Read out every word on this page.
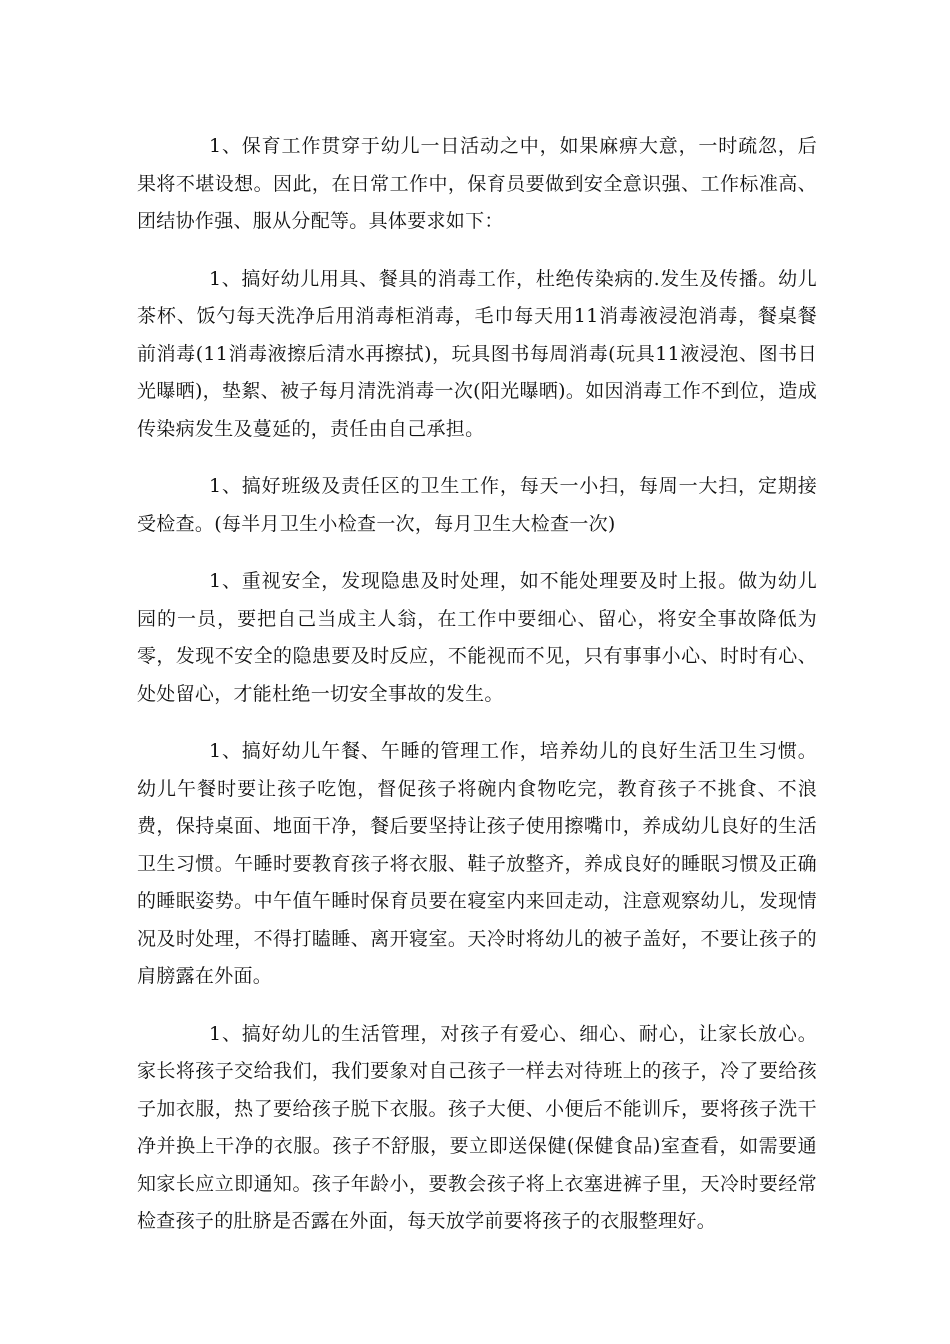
1、保育工作贯穿于幼儿一日活动之中，如果麻痹大意，一时疏忽，后果将不堪设想。因此，在日常工作中，保育员要做到安全意识强、工作标准高、团结协作强、服从分配等。具体要求如下：

1、搞好幼儿用具、餐具的消毒工作，杜绝传染病的.发生及传播。幼儿茶杯、饭勺每天洗净后用消毒柜消毒，毛巾每天用11消毒液浸泡消毒，餐桌餐前消毒(11消毒液擦后清水再擦拭)，玩具图书每周消毒(玩具11液浸泡、图书日光曝晒)，垫絮、被子每月清洗消毒一次(阳光曝晒)。如因消毒工作不到位，造成传染病发生及蔓延的，责任由自己承担。

1、搞好班级及责任区的卫生工作，每天一小扫，每周一大扫，定期接受检查。(每半月卫生小检查一次，每月卫生大检查一次)

1、重视安全，发现隐患及时处理，如不能处理要及时上报。做为幼儿园的一员，要把自己当成主人翁，在工作中要细心、留心，将安全事故降低为零，发现不安全的隐患要及时反应，不能视而不见，只有事事小心、时时有心、处处留心，才能杜绝一切安全事故的发生。

1、搞好幼儿午餐、午睡的管理工作，培养幼儿的良好生活卫生习惯。幼儿午餐时要让孩子吃饱，督促孩子将碗内食物吃完，教育孩子不挑食、不浪费，保持桌面、地面干净，餐后要坚持让孩子使用擦嘴巾，养成幼儿良好的生活卫生习惯。午睡时要教育孩子将衣服、鞋子放整齐，养成良好的睡眠习惯及正确的睡眠姿势。中午值午睡时保育员要在寝室内来回走动，注意观察幼儿，发现情况及时处理，不得打瞌睡、离开寝室。天冷时将幼儿的被子盖好，不要让孩子的肩膀露在外面。

1、搞好幼儿的生活管理，对孩子有爱心、细心、耐心，让家长放心。家长将孩子交给我们，我们要象对自己孩子一样去对待班上的孩子，冷了要给孩子加衣服，热了要给孩子脱下衣服。孩子大便、小便后不能训斥，要将孩子洗干净并换上干净的衣服。孩子不舒服，要立即送保健(保健食品)室查看，如需要通知家长应立即通知。孩子年龄小，要教会孩子将上衣塞进裤子里，天冷时要经常检查孩子的肚脐是否露在外面，每天放学前要将孩子的衣服整理好。
